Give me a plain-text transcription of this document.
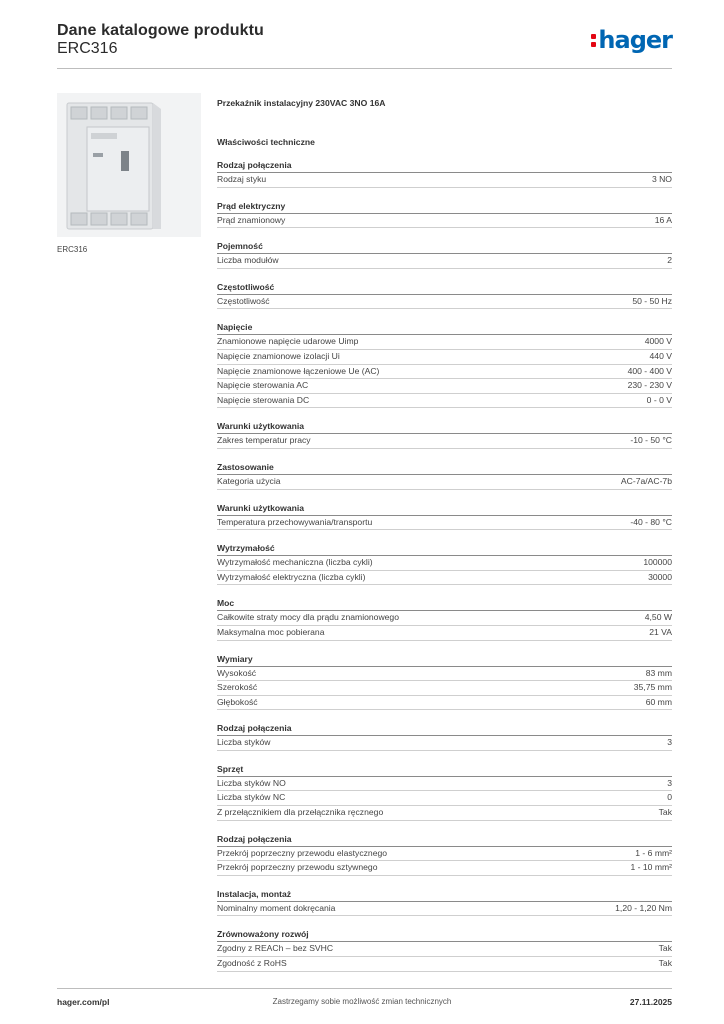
Dane katalogowe produktu
ERC316	hager
ERC316
Przekaźnik instalacyjny 230VAC 3NO 16A
Właściwości techniczne
Rodzaj połączenia
Rodzaj styku	3 NO
Prąd elektryczny
Prąd znamionowy	16 A
Pojemność
Liczba modułów	2
Częstotliwość
Częstotliwość	50 - 50 Hz
Napięcie
Znamionowe napięcie udarowe Uimp	4000 V
Napięcie znamionowe izolacji Ui	440 V
Napięcie znamionowe łączeniowe Ue (AC)	400 - 400 V
Napięcie sterowania AC	230 - 230 V
Napięcie sterowania DC	0 - 0 V
Warunki użytkowania
Zakres temperatur pracy	-10 - 50 °C
Zastosowanie
Kategoria użycia	AC-7a/AC-7b
Warunki użytkowania
Temperatura przechowywania/transportu	-40 - 80 °C
Wytrzymałość
Wytrzymałość mechaniczna (liczba cykli)	100000
Wytrzymałość elektryczna (liczba cykli)	30000
Moc
Całkowite straty mocy dla prądu znamionowego	4,50 W
Maksymalna moc pobierana	21 VA
Wymiary
Wysokość	83 mm
Szerokość	35,75 mm
Głębokość	60 mm
Rodzaj połączenia
Liczba styków	3
Sprzęt
Liczba styków NO	3
Liczba styków NC	0
Z przełącznikiem dla przełącznika ręcznego	Tak
Rodzaj połączenia
Przekrój poprzeczny przewodu elastycznego	1 - 6 mm²
Przekrój poprzeczny przewodu sztywnego	1 - 10 mm²
Instalacja, montaż
Nominalny moment dokręcania	1,20 - 1,20 Nm
Zrównoważony rozwój
Zgodny z REACh – bez SVHC	Tak
Zgodność z RoHS	Tak
hager.com/pl	Zastrzegamy sobie możliwość zmian technicznych	27.11.2025
